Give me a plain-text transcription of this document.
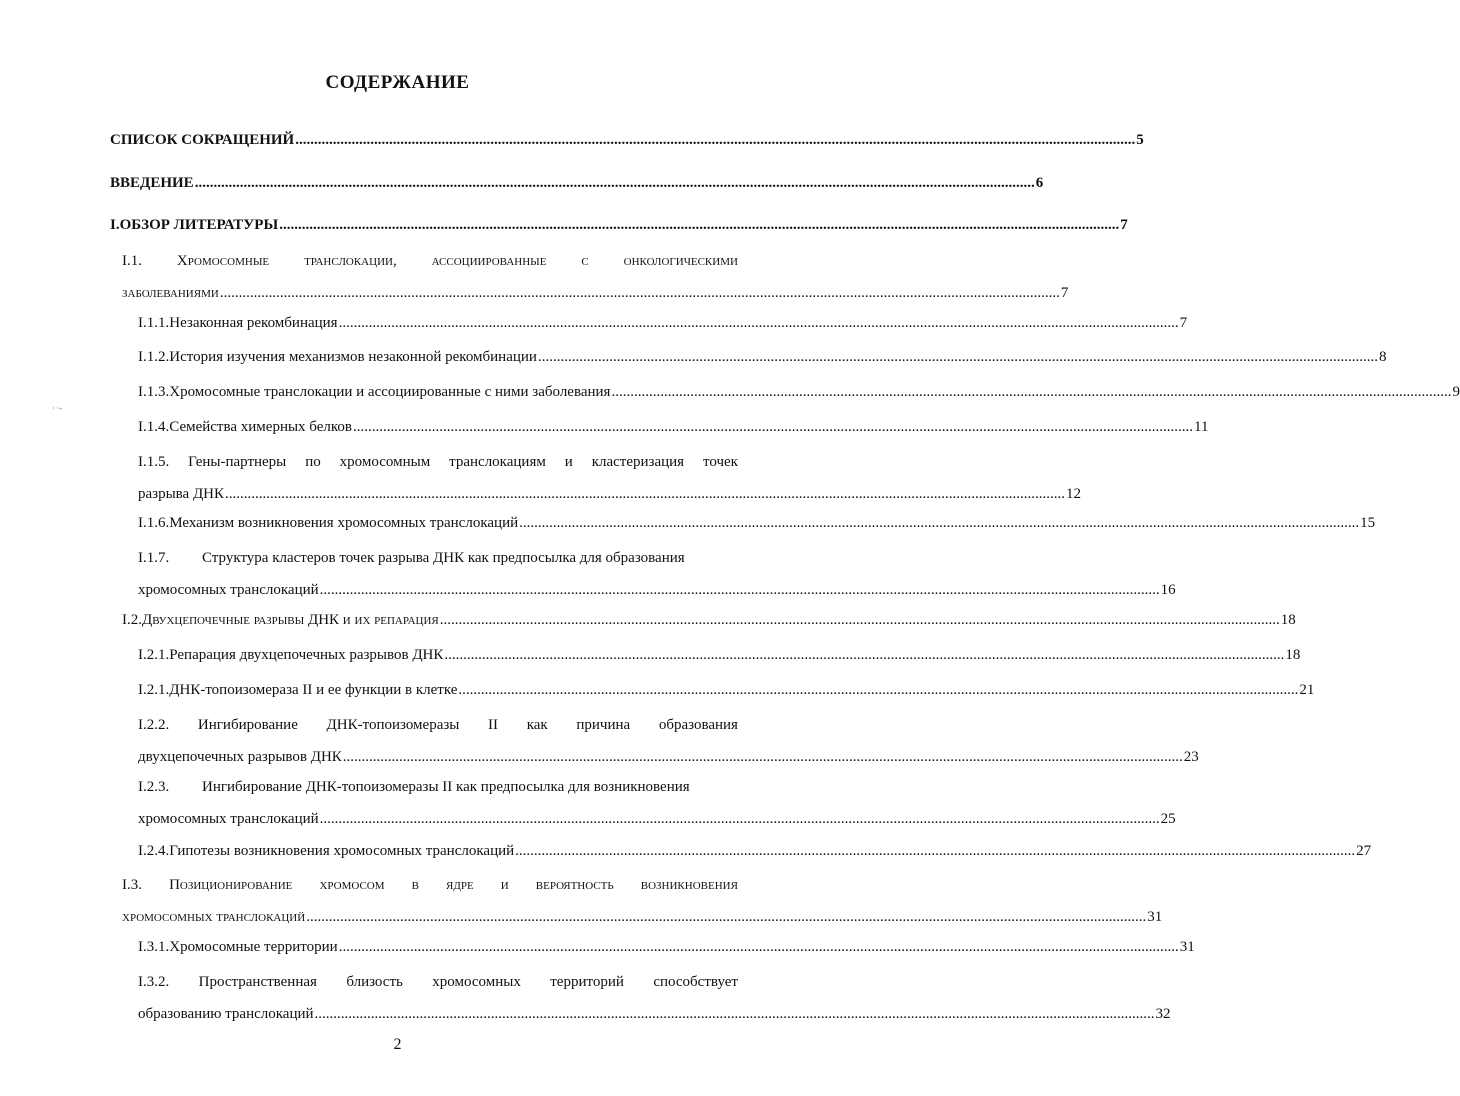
СОДЕРЖАНИЕ
· ·-
СПИСОК СОКРАЩЕНИЙ ................................................................................................................................................................................................................................ 5
ВВЕДЕНИЕ ................................................................................................................................................................................................................................ 6
I. ОБЗОР ЛИТЕРАТУРЫ ................................................................................................................................................................................................................................ 7
I.1. Хромосомные транслокации, ассоциированные с онкологическими
заболеваниями ................................................................................................................................................................................................................................ 7
I.1.1. Незаконная рекомбинация ................................................................................................................................................................................................................................ 7
I.1.2. История изучения механизмов незаконной рекомбинации ................................................................................................................................................................................................................................ 8
I.1.3. Хромосомные транслокации и ассоциированные с ними заболевания ................................................................................................................................................................................................................................ 9
I.1.4. Семейства химерных белков ................................................................................................................................................................................................................................ 11
I.1.5. Гены-партнеры по хромосомным транслокациям и кластеризация точек
разрыва ДНК ................................................................................................................................................................................................................................ 12
I.1.6. Механизм возникновения хромосомных транслокаций ................................................................................................................................................................................................................................ 15
I.1.7.	Структура кластеров точек разрыва ДНК как предпосылка для образования
хромосомных транслокаций ................................................................................................................................................................................................................................ 16
I.2. Двухцепочечные разрывы ДНК и их репарация ................................................................................................................................................................................................................................ 18
I.2.1. Репарация двухцепочечных разрывов ДНК ................................................................................................................................................................................................................................ 18
I.2.1. ДНК-топоизомераза II и ее функции в клетке ................................................................................................................................................................................................................................ 21
I.2.2. Ингибирование ДНК-топоизомеразы II как причина образования
двухцепочечных разрывов ДНК ................................................................................................................................................................................................................................ 23
I.2.3.	Ингибирование ДНК-топоизомеразы II как предпосылка для возникновения
хромосомных транслокаций ................................................................................................................................................................................................................................ 25
I.2.4. Гипотезы возникновения хромосомных транслокаций ................................................................................................................................................................................................................................ 27
I.3. Позиционирование хромосом в ядре и вероятность возникновения
хромосомных транслокаций ................................................................................................................................................................................................................................ 31
I.3.1. Хромосомные территории ................................................................................................................................................................................................................................ 31
I.3.2. Пространственная близость хромосомных территорий способствует
образованию транслокаций ................................................................................................................................................................................................................................ 32
2
